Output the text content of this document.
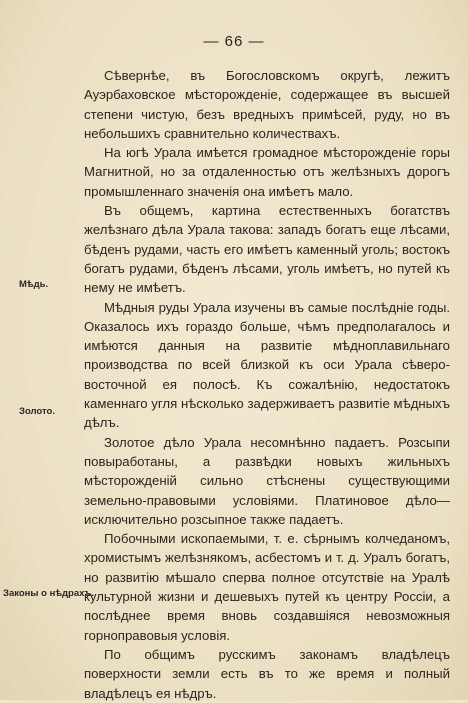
— 66 —
Мѣдь.
Золото.
Законы о нѣдрахъ.

Сѣвернѣе, въ Богословскомъ округѣ, лежитъ Ауэрбаховское мѣсторожденіе, содержащее въ высшей степени чистую, безъ вредныхъ примѣсей, руду, но въ небольшихъ сравнительно количествахъ.

На югѣ Урала имѣется громадное мѣсторожденіе горы Магнитной, но за отдаленностью отъ желѣзныхъ дорогъ промышленнаго значенія она имѣетъ мало.

Въ общемъ, картина естественныхъ богатствъ желѣзнаго дѣла Урала такова: западъ богатъ еще лѣсами, бѣденъ рудами, часть его имѣетъ каменный уголь; востокъ богатъ рудами, бѣденъ лѣсами, уголь имѣетъ, но путей къ нему не имѣетъ.

Мѣдныя руды Урала изучены въ самые послѣдніе годы. Оказалось ихъ гораздо больше, чѣмъ предполагалось и имѣются данныя на развитіе мѣдноплавильнаго производства по всей близкой къ оси Урала сѣверо-восточной ея полосѣ. Къ сожалѣнію, недостатокъ каменнаго угля нѣсколько задерживаетъ развитіе мѣдныхъ дѣлъ.

Золотое дѣло Урала несомнѣнно падаетъ. Розсыпи повыработаны, а развѣдки новыхъ жильныхъ мѣсторожденій сильно стѣснены существующими земельно-правовыми условіями. Платиновое дѣло—исключительно розсыпное также падаетъ.

Побочными ископаемыми, т. е. сѣрнымъ колчеданомъ, хромистымъ желѣзнякомъ, асбестомъ и т. д. Уралъ богатъ, но развитію мѣшало сперва полное отсутствіе на Уралѣ культурной жизни и дешевыхъ путей къ центру Россіи, а послѣднее время вновь создавшіяся невозможныя горноправовыя условія.

По общимъ русскимъ законамъ владѣлецъ поверхности земли есть въ то же время и полный владѣлецъ ея нѣдръ.
